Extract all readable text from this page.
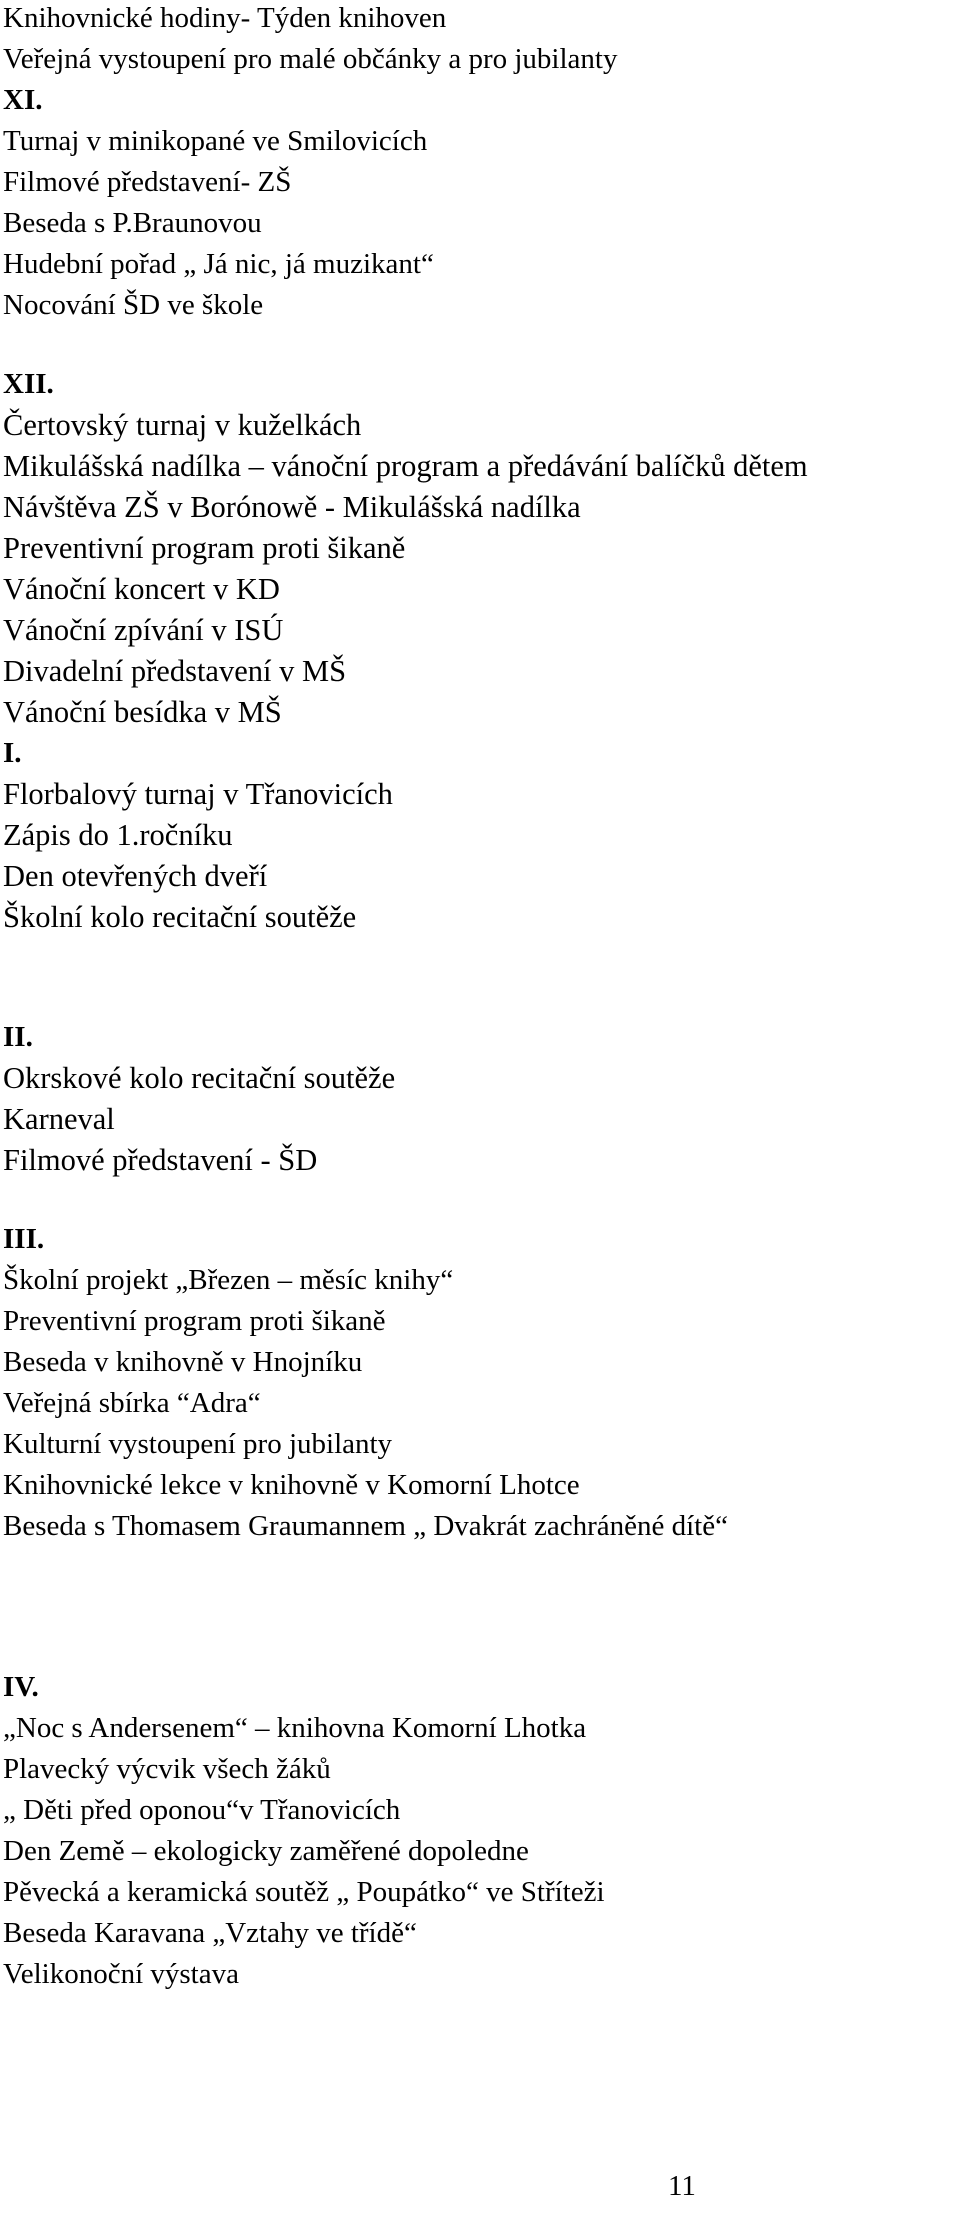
Knihovnické hodiny- Týden knihoven
Veřejná vystoupení pro malé občánky a pro jubilanty
XI.
Turnaj v minikopané ve Smilovicích
Filmové představení- ZŠ
Beseda s P.Braunovou
Hudební pořad „ Já nic, já muzikant“
Nocování ŠD ve škole
XII.
Čertovský turnaj v kuželkách
Mikulášská nadílka – vánoční program a předávání balíčků dětem
Návštěva ZŠ v Borónowě - Mikulášská nadílka
Preventivní program proti šikaně
Vánoční koncert v KD
Vánoční zpívání v ISÚ
Divadelní představení v MŠ
Vánoční besídka v MŠ
I.
Florbalový turnaj v Třanovicích
Zápis do 1.ročníku
Den otevřených dveří
Školní kolo recitační soutěže
II.
Okrskové kolo recitační soutěže
Karneval
Filmové představení - ŠD
III.
Školní projekt „Březen – měsíc knihy“
Preventivní program proti šikaně
Beseda v knihovně v Hnojníku
Veřejná sbírka “Adra“
Kulturní vystoupení pro jubilanty
Knihovnické lekce v knihovně v Komorní Lhotce
Beseda s Thomasem Graumannem „ Dvakrát zachráněné dítě“
IV.
„Noc s Andersenem“ – knihovna Komorní Lhotka
Plavecký výcvik všech žáků
„ Děti před oponou“v Třanovicích
Den Země – ekologicky zaměřené dopoledne
Pěvecká a keramická soutěž „ Poupátko“ ve Stříteži
Beseda Karavana „Vztahy ve třídě“
Velikonoční výstava
11
